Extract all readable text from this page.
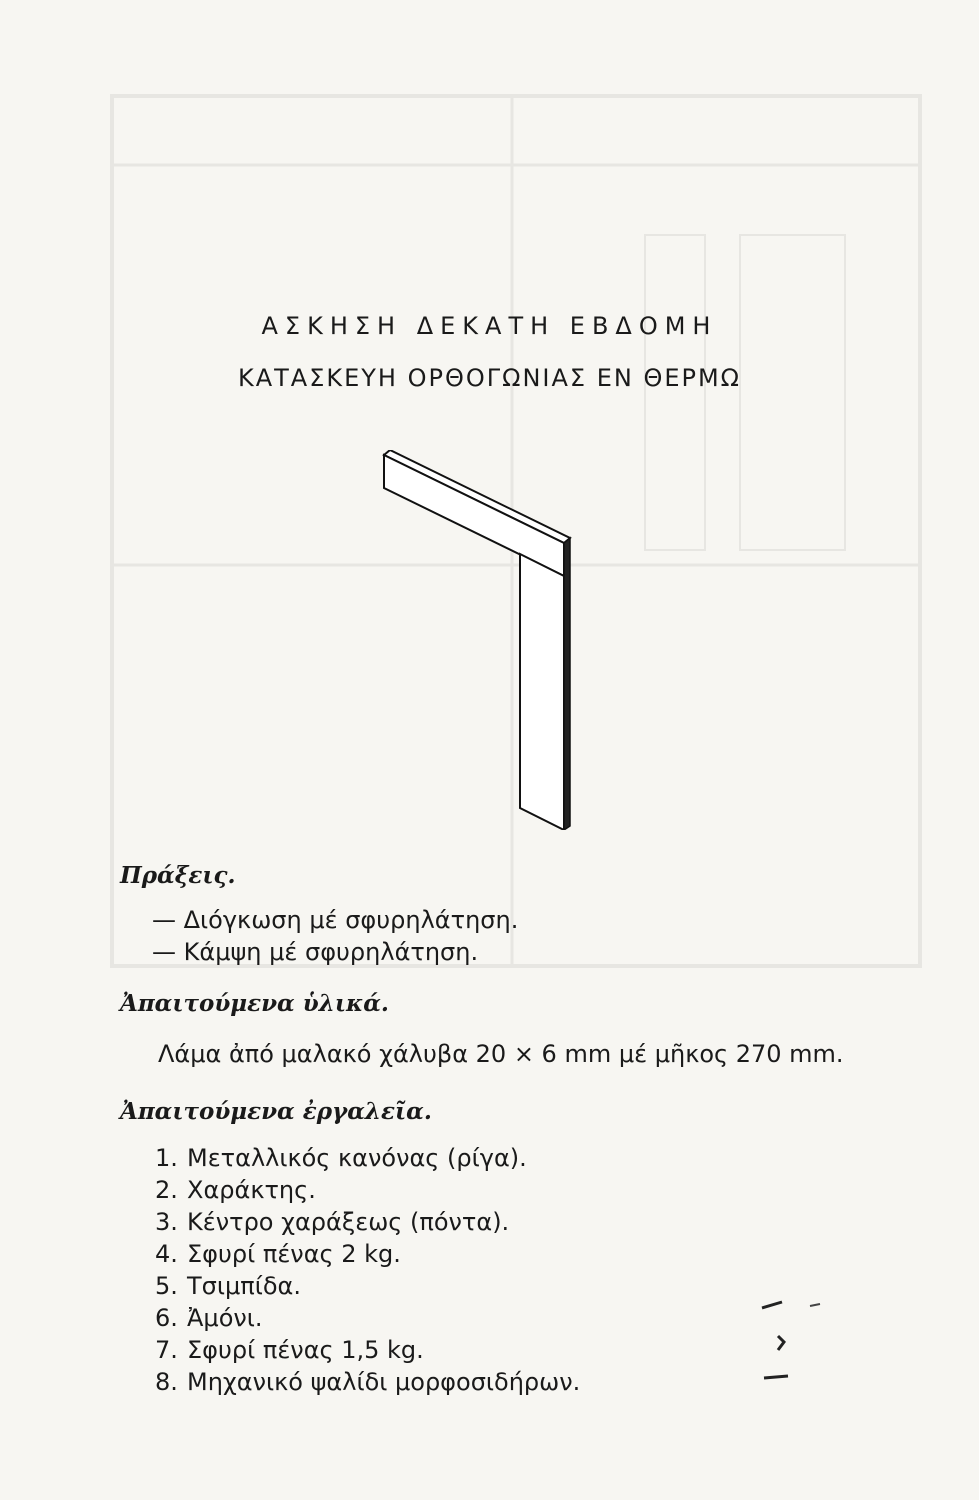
ΑΣΚΗΣΗ ΔΕΚΑΤΗ ΕΒΔΟΜΗ
ΚΑΤΑΣΚΕΥΗ ΟΡΘΟΓΩΝΙΑΣ ΕΝ ΘΕΡΜΩ
Πράξεις.
— Διόγκωση μέ σφυρηλάτηση.
— Κάμψη μέ σφυρηλάτηση.
Ἀπαιτούμενα ὑλικά.
Λάμα ἀπό μαλακό χάλυβα 20 × 6 mm μέ μῆκος 270 mm.
Ἀπαιτούμενα ἐργαλεῖα.
1. Μεταλλικός κανόνας (ρίγα).
2. Χαράκτης.
3. Κέντρο χαράξεως (πόντα).
4. Σφυρί πένας 2 kg.
5. Τσιμπίδα.
6. Ἀμόνι.
7. Σφυρί πένας 1,5 kg.
8. Μηχανικό ψαλίδι μορφοσιδήρων.
